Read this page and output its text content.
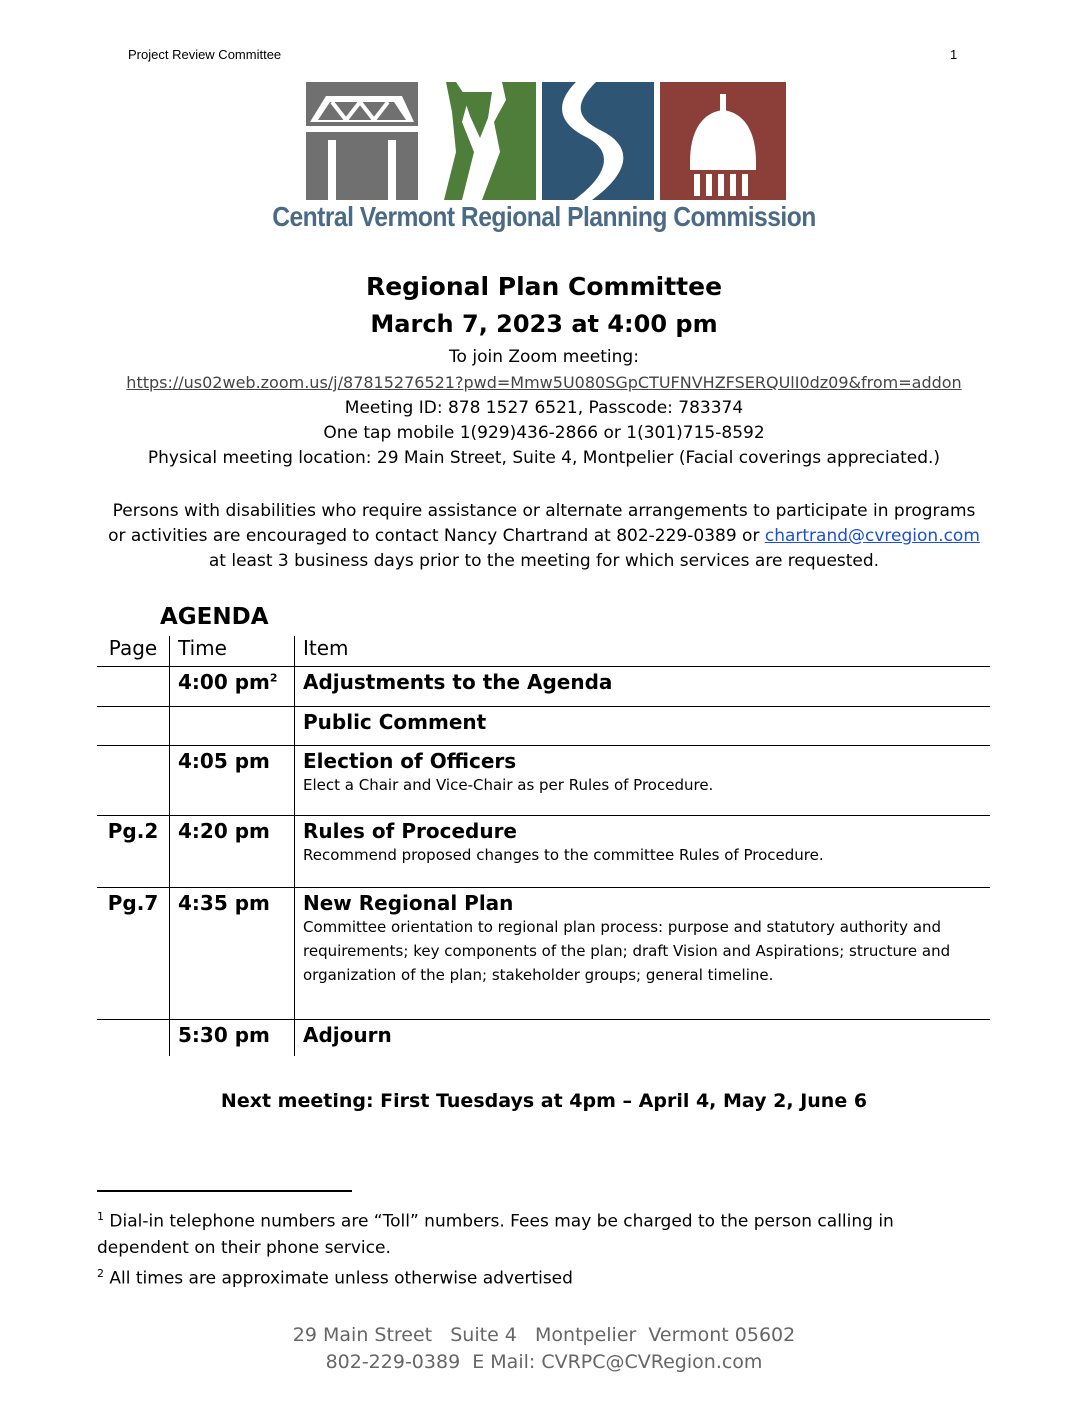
Project Review Committee	1
Central Vermont Regional Planning Commission
Regional Plan Committee
March 7, 2023 at 4:00 pm
To join Zoom meeting:
https://us02web.zoom.us/j/87815276521?pwd=Mmw5U080SGpCTUFNVHZFSERQUlI0dz09&from=addon
Meeting ID: 878 1527 6521, Passcode: 783374
One tap mobile 1(929)436-2866 or 1(301)715-8592
Physical meeting location: 29 Main Street, Suite 4, Montpelier (Facial coverings appreciated.)
Persons with disabilities who require assistance or alternate arrangements to participate in programs
or activities are encouraged to contact Nancy Chartrand at 802-229-0389 or chartrand@cvregion.com
at least 3 business days prior to the meeting for which services are requested.
AGENDA
Page	Time	Item
	4:00 $pm^2$	Adjustments to the Agenda

		Public Comment

	4:05 pm	Election of Officers
Elect a Chair and Vice-Chair as per Rules of Procedure.

Pg.2	4:20 pm	Rules of Procedure
Recommend proposed changes to the committee Rules of Procedure.

Pg.7	4:35 pm	New Regional Plan
Committee orientation to regional plan process: purpose and statutory authority and requirements; key components of the plan; draft Vision and Aspirations; structure and organization of the plan; stakeholder groups; general timeline.

	5:30 pm	Adjourn
Next meeting: First Tuesdays at 4pm – April 4, May 2, June 6
$^1$ Dial-in telephone numbers are “Toll” numbers. Fees may be charged to the person calling in dependent on their phone service.
$^2$ All times are approximate unless otherwise advertised
29 Main Street   Suite 4   Montpelier  Vermont 05602
802-229-0389  E Mail: CVRPC@CVRegion.com
